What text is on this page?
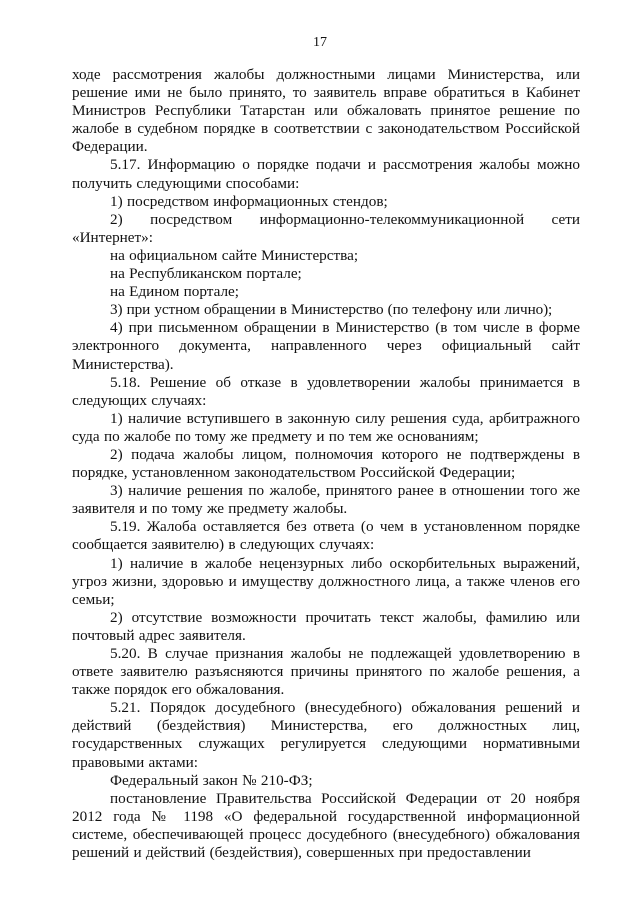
17

ходе рассмотрения жалобы должностными лицами Министерства, или решение ими не было принято, то заявитель вправе обратиться в Кабинет Министров Республики Татарстан или обжаловать принятое решение по жалобе в судебном порядке в соответствии с законодательством Российской Федерации.

5.17. Информацию о порядке подачи и рассмотрения жалобы можно получить следующими способами:

1) посредством информационных стендов;

2) посредством информационно-телекоммуникационной сети «Интернет»:

на официальном сайте Министерства;

на Республиканском портале;

на Едином портале;

3) при устном обращении в Министерство (по телефону или лично);

4) при письменном обращении в Министерство (в том числе в форме электронного документа, направленного через официальный сайт Министерства).

5.18. Решение об отказе в удовлетворении жалобы принимается в следующих случаях:

1) наличие вступившего в законную силу решения суда, арбитражного суда по жалобе по тому же предмету и по тем же основаниям;

2) подача жалобы лицом, полномочия которого не подтверждены в порядке, установленном законодательством Российской Федерации;

3) наличие решения по жалобе, принятого ранее в отношении того же заявителя и по тому же предмету жалобы.

5.19. Жалоба оставляется без ответа (о чем в установленном порядке сообщается заявителю) в следующих случаях:

1) наличие в жалобе нецензурных либо оскорбительных выражений, угроз жизни, здоровью и имуществу должностного лица, а также членов его семьи;

2) отсутствие возможности прочитать текст жалобы, фамилию или почтовый адрес заявителя.

5.20. В случае признания жалобы не подлежащей удовлетворению в ответе заявителю разъясняются причины принятого по жалобе решения, а также порядок его обжалования.

5.21. Порядок досудебного (внесудебного) обжалования решений и действий (бездействия) Министерства, его должностных лиц, государственных служащих регулируется следующими нормативными правовыми актами:

Федеральный закон № 210-ФЗ;

постановление Правительства Российской Федерации от 20 ноября 2012 года № 1198 «О федеральной государственной информационной системе, обеспечивающей процесс досудебного (внесудебного) обжалования решений и действий (бездействия), совершенных при предоставлении
